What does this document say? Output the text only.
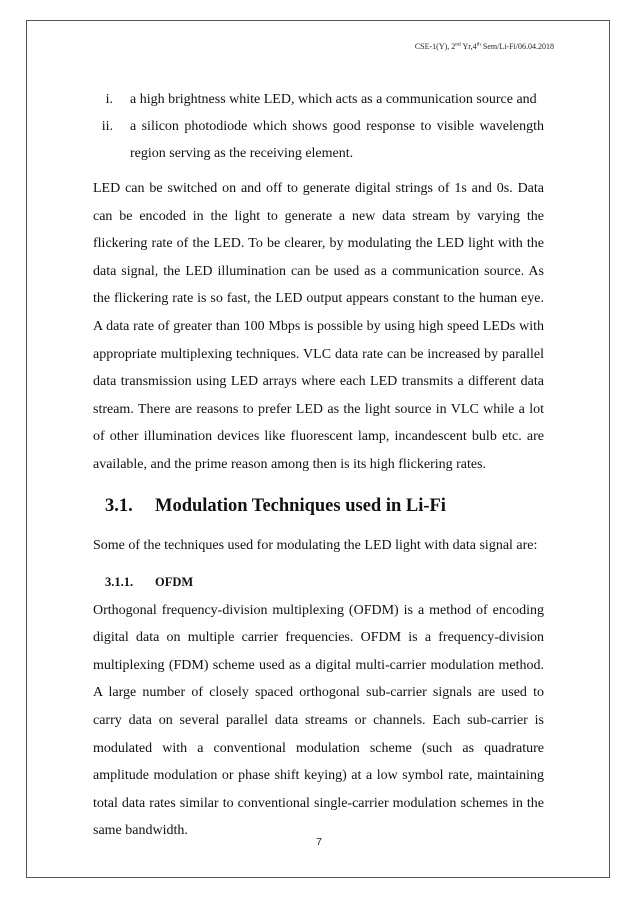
CSE-1(Y), 2nd Yr,4th Sem/Li-Fi/06.04.2018
i. a high brightness white LED, which acts as a communication source and
ii. a silicon photodiode which shows good response to visible wavelength region serving as the receiving element.

LED can be switched on and off to generate digital strings of 1s and 0s. Data can be encoded in the light to generate a new data stream by varying the flickering rate of the LED. To be clearer, by modulating the LED light with the data signal, the LED illumination can be used as a communication source. As the flickering rate is so fast, the LED output appears constant to the human eye. A data rate of greater than 100 Mbps is possible by using high speed LEDs with appropriate multiplexing techniques. VLC data rate can be increased by parallel data transmission using LED arrays where each LED transmits a different data stream. There are reasons to prefer LED as the light source in VLC while a lot of other illumination devices like fluorescent lamp, incandescent bulb etc. are available, and the prime reason among then is its high flickering rates.

3.1. Modulation Techniques used in Li-Fi

Some of the techniques used for modulating the LED light with data signal are:

3.1.1. OFDM

Orthogonal frequency-division multiplexing (OFDM) is a method of encoding digital data on multiple carrier frequencies. OFDM is a frequency-division multiplexing (FDM) scheme used as a digital multi-carrier modulation method. A large number of closely spaced orthogonal sub-carrier signals are used to carry data on several parallel data streams or channels. Each sub-carrier is modulated with a conventional modulation scheme (such as quadrature amplitude modulation or phase shift keying) at a low symbol rate, maintaining total data rates similar to conventional single-carrier modulation schemes in the same bandwidth.

7
